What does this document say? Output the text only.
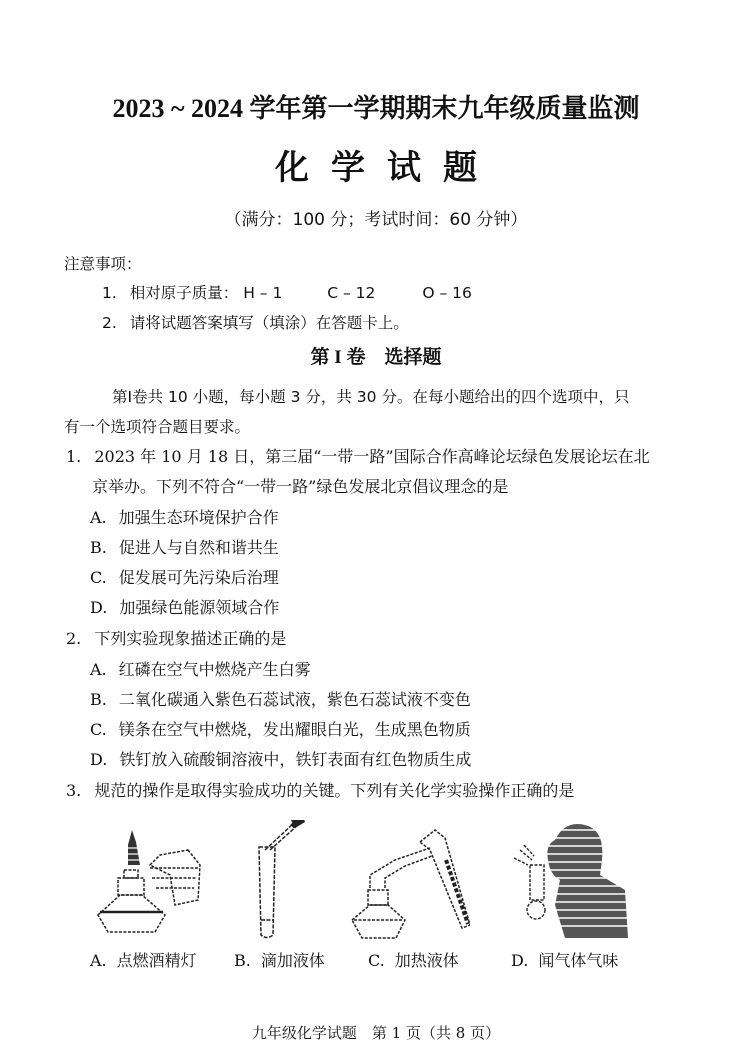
2023 ~ 2024 学年第一学期期末九年级质量监测
化学试题
（满分：100 分；考试时间：60 分钟）
注意事项：
1. 相对原子质量： H – 1	C – 12	O – 16
2. 请将试题答案填写（填涂）在答题卡上。
第 I 卷　选择题
第Ⅰ卷共 10 小题，每小题 3 分，共 30 分。在每小题给出的四个选项中，只
有一个选项符合题目要求。
1. 2023 年 10 月 18 日，第三届“一带一路”国际合作高峰论坛绿色发展论坛在北
京举办。下列不符合“一带一路”绿色发展北京倡议理念的是
A. 加强生态环境保护合作
B. 促进人与自然和谐共生
C. 促发展可先污染后治理
D. 加强绿色能源领域合作
2. 下列实验现象描述正确的是
A. 红磷在空气中燃烧产生白雾
B. 二氧化碳通入紫色石蕊试液，紫色石蕊试液不变色
C. 镁条在空气中燃烧，发出耀眼白光，生成黑色物质
D. 铁钉放入硫酸铜溶液中，铁钉表面有红色物质生成
3. 规范的操作是取得实验成功的关键。下列有关化学实验操作正确的是
A. 点燃酒精灯 B. 滴加液体	C. 加热液体	D. 闻气体气味
九年级化学试题　第 1 页（共 8 页）
